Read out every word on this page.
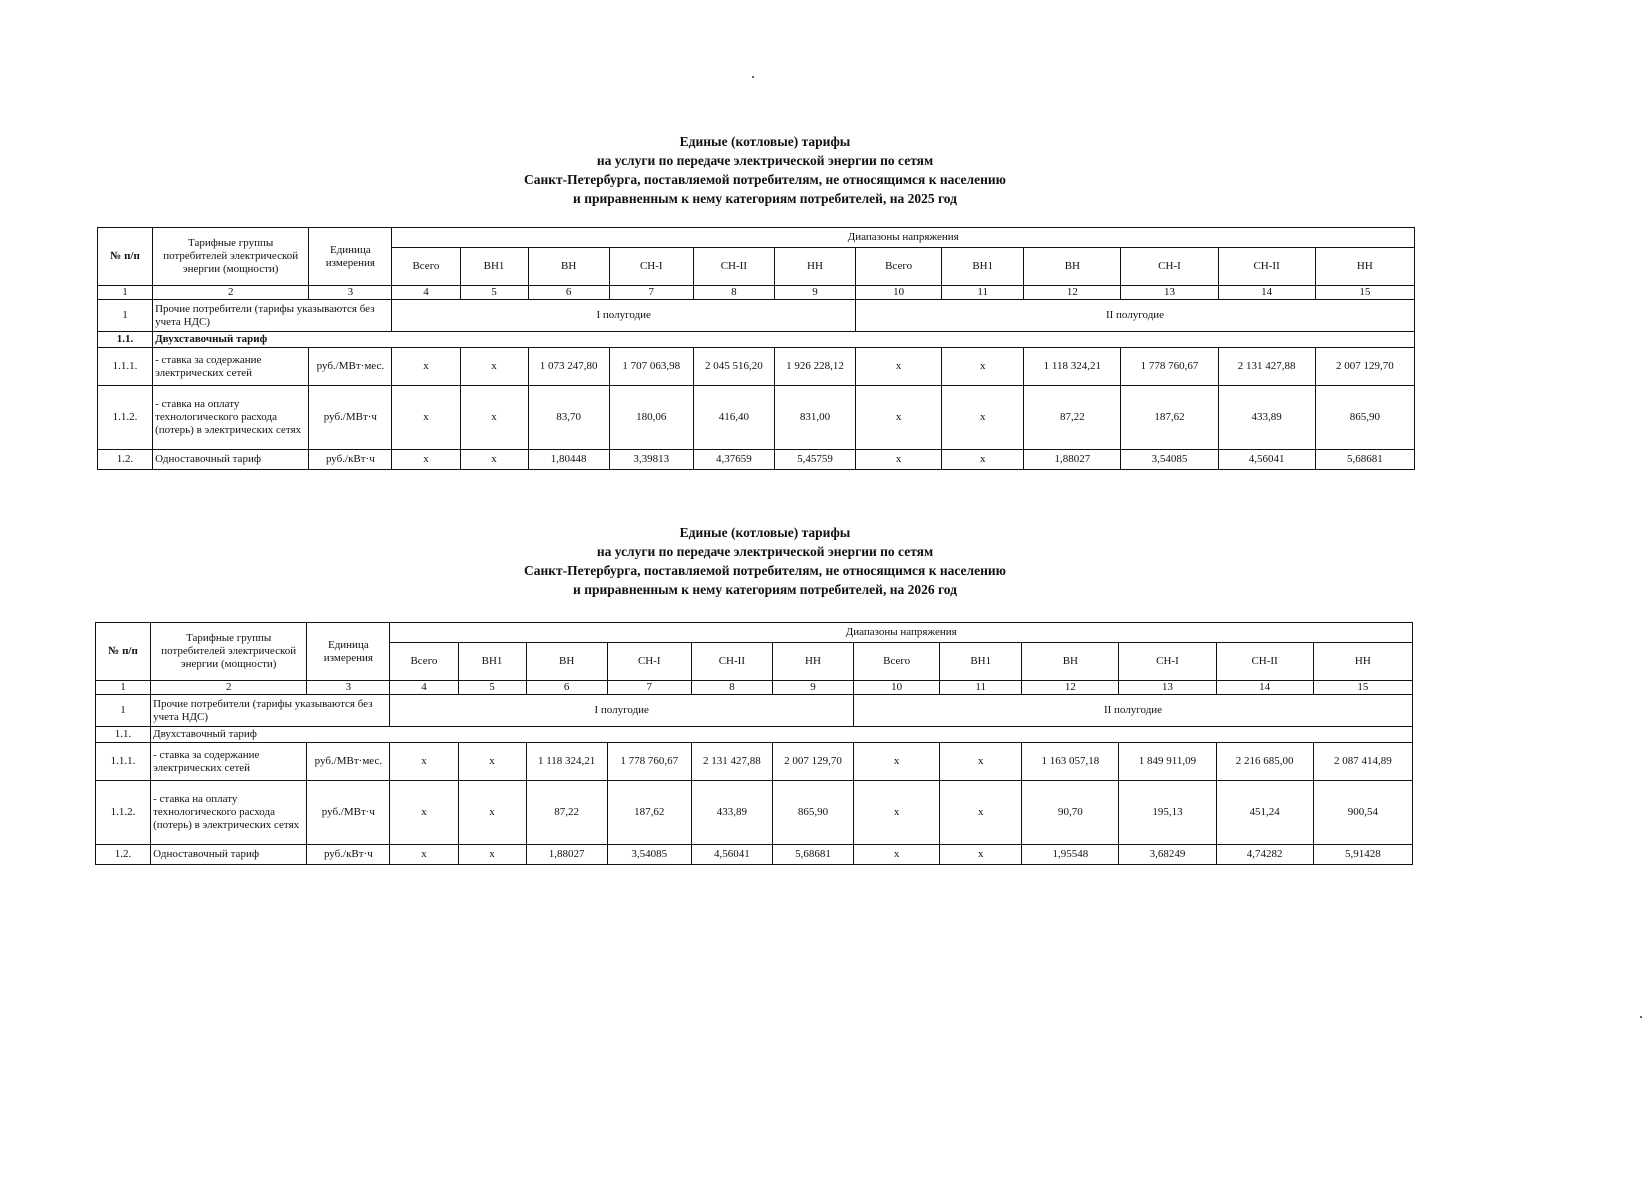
Единые (котловые) тарифы
на услуги по передаче электрической энергии по сетям
Санкт-Петербурга, поставляемой потребителям, не относящимся к населению
и приравненным к нему категориям потребителей, на 2025 год
№ п/п	Тарифные группы потребителей электрической энергии (мощности)	Единица измерения	Диапазоны напряжения											
			Всего	ВН1	ВН	СН-I	СН-II	НН	Всего	ВН1	ВН	СН-I	СН-II	НН
1	2	3	4	5	6	7	8	9	10	11	12	13	14	15
1	Прочие потребители (тарифы указываются без учета НДС)		I полугодие						II полугодие					
1.1.	Двухставочный тариф													
1.1.1.	- ставка за содержание электрических сетей	руб./МВт·мес.	x	x	1 073 247,80	1 707 063,98	2 045 516,20	1 926 228,12	x	x	1 118 324,21	1 778 760,67	2 131 427,88	2 007 129,70
1.1.2.	- ставка на оплату технологического расхода (потерь) в электрических сетях	руб./МВт·ч	x	x	83,70	180,06	416,40	831,00	x	x	87,22	187,62	433,89	865,90
1.2.	Одноставочный тариф	руб./кВт·ч	x	x	1,80448	3,39813	4,37659	5,45759	x	x	1,88027	3,54085	4,56041	5,68681
Единые (котловые) тарифы
на услуги по передаче электрической энергии по сетям
Санкт-Петербурга, поставляемой потребителям, не относящимся к населению
и приравненным к нему категориям потребителей, на 2026 год
№ п/п	Тарифные группы потребителей электрической энергии (мощности)	Единица измерения	Диапазоны напряжения											
			Всего	ВН1	ВН	СН-I	СН-II	НН	Всего	ВН1	ВН	СН-I	СН-II	НН
1	2	3	4	5	6	7	8	9	10	11	12	13	14	15
1	Прочие потребители (тарифы указываются без учета НДС)		I полугодие						II полугодие					
1.1.	Двухставочный тариф													
1.1.1.	- ставка за содержание электрических сетей	руб./МВт·мес.	x	x	1 118 324,21	1 778 760,67	2 131 427,88	2 007 129,70	x	x	1 163 057,18	1 849 911,09	2 216 685,00	2 087 414,89
1.1.2.	- ставка на оплату технологического расхода (потерь) в электрических сетях	руб./МВт·ч	x	x	87,22	187,62	433,89	865,90	x	x	90,70	195,13	451,24	900,54
1.2.	Одноставочный тариф	руб./кВт·ч	x	x	1,88027	3,54085	4,56041	5,68681	x	x	1,95548	3,68249	4,74282	5,91428
